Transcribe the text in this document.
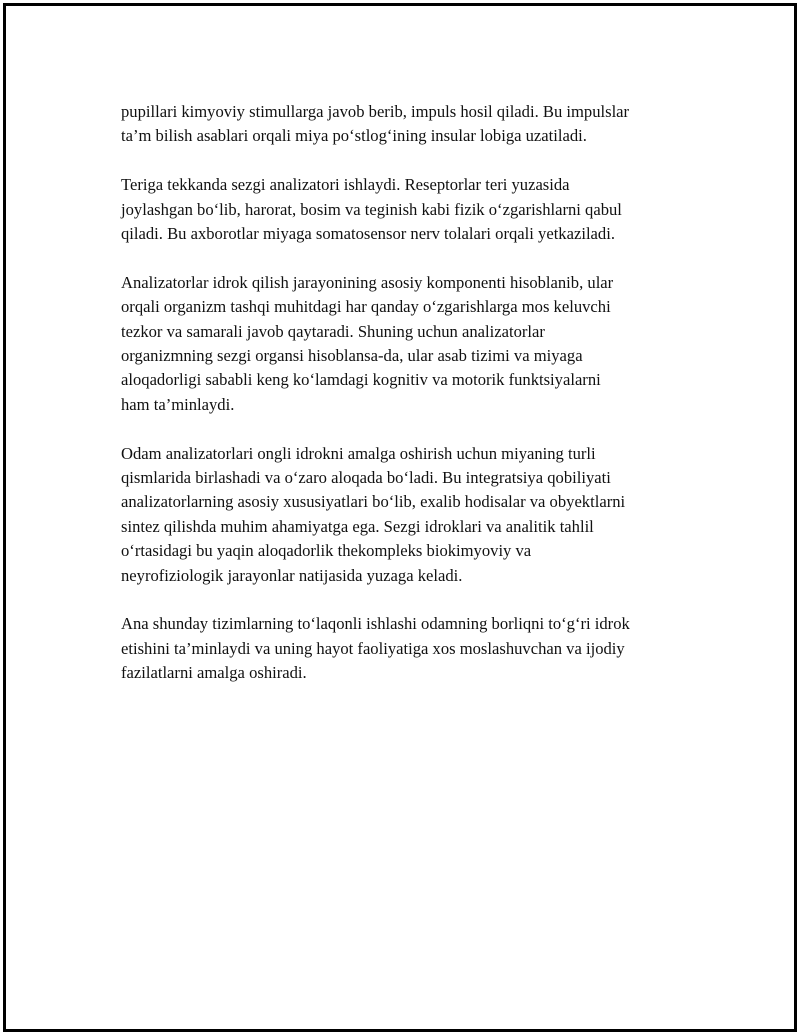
pupillari kimyoviy stimullarga javob berib, impuls hosil qiladi. Bu impulslar
ta’m bilish asablari orqali miya po‘stlog‘ining insular lobiga uzatiladi.

Teriga tekkanda sezgi analizatori ishlaydi. Reseptorlar teri yuzasida
joylashgan bo‘lib, harorat, bosim va teginish kabi fizik o‘zgarishlarni qabul
qiladi. Bu axborotlar miyaga somatosensor nerv tolalari orqali yetkaziladi.

Analizatorlar idrok qilish jarayonining asosiy komponenti hisoblanib, ular
orqali organizm tashqi muhitdagi har qanday o‘zgarishlarga mos keluvchi
tezkor va samarali javob qaytaradi. Shuning uchun analizatorlar
organizmning sezgi organsi hisoblansa-da, ular asab tizimi va miyaga
aloqadorligi sababli keng ko‘lamdagi kognitiv va motorik funktsiyalarni
ham ta’minlaydi.

Odam analizatorlari ongli idrokni amalga oshirish uchun miyaning turli
qismlarida birlashadi va o‘zaro aloqada bo‘ladi. Bu integratsiya qobiliyati
analizatorlarning asosiy xususiyatlari bo‘lib, exalib hodisalar va obyektlarni
sintez qilishda muhim ahamiyatga ega. Sezgi idroklari va analitik tahlil
o‘rtasidagi bu yaqin aloqadorlik thekompleks biokimyoviy va
neyrofiziologik jarayonlar natijasida yuzaga keladi.

Ana shunday tizimlarning to‘laqonli ishlashi odamning borliqni to‘g‘ri idrok
etishini ta’minlaydi va uning hayot faoliyatiga xos moslashuvchan va ijodiy
fazilatlarni amalga oshiradi.
